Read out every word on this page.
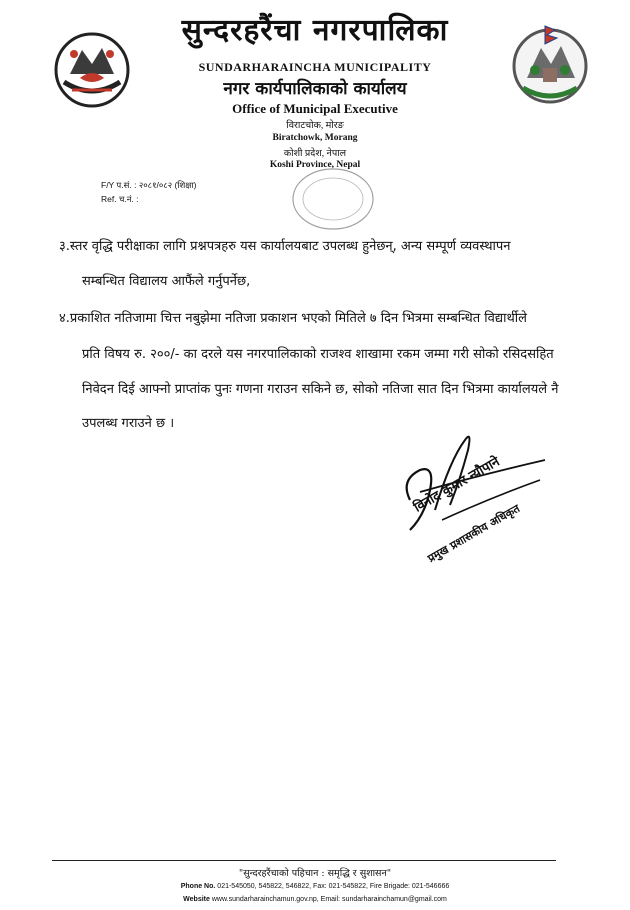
सुन्दरहरैंचा नगरपालिका
SUNDARHARAINCHA MUNICIPALITY
नगर कार्यपालिकाको कार्यालय
Office of Municipal Executive
विराटचोक, मोरङ
Biratchowk, Morang
कोशी प्रदेश, नेपाल
Koshi Province, Nepal
F/Y प.सं. : २०८१/०८२ (शिक्षा)
Ref. च.नं. :
३.स्तर वृद्धि परीक्षाका लागि प्रश्नपत्रहरु यस कार्यालयबाट उपलब्ध हुनेछन्, अन्य सम्पूर्ण व्यवस्थापन
सम्बन्धित विद्यालय आफैंले गर्नुपर्नेछ,
४.प्रकाशित नतिजामा चित्त नबुझेमा नतिजा प्रकाशन भएको मितिले ७ दिन भित्रमा सम्बन्धित विद्यार्थीले
प्रति विषय रु. २००/- का दरले यस नगरपालिकाको राजश्व शाखामा रकम जम्मा गरी सोको रसिदसहित
निवेदन दिई आफ्नो प्राप्तांक पुनः गणना गराउन सकिने छ, सोको नतिजा सात दिन भित्रमा कार्यालयले नै
उपलब्ध गराउने छ ।
विनोद कुमार न्यौपाने
प्रमुख प्रशासकीय अधिकृत
"सुन्दरहरैंचाको पहिचान : समृद्धि र सुशासन"
Phone No. 021-545050, 545822, 546822, Fax: 021-545822, Fire Brigade: 021-546666
Website www.sundarharainchamun.gov.np, Email: sundarharainchamun@gmail.com
